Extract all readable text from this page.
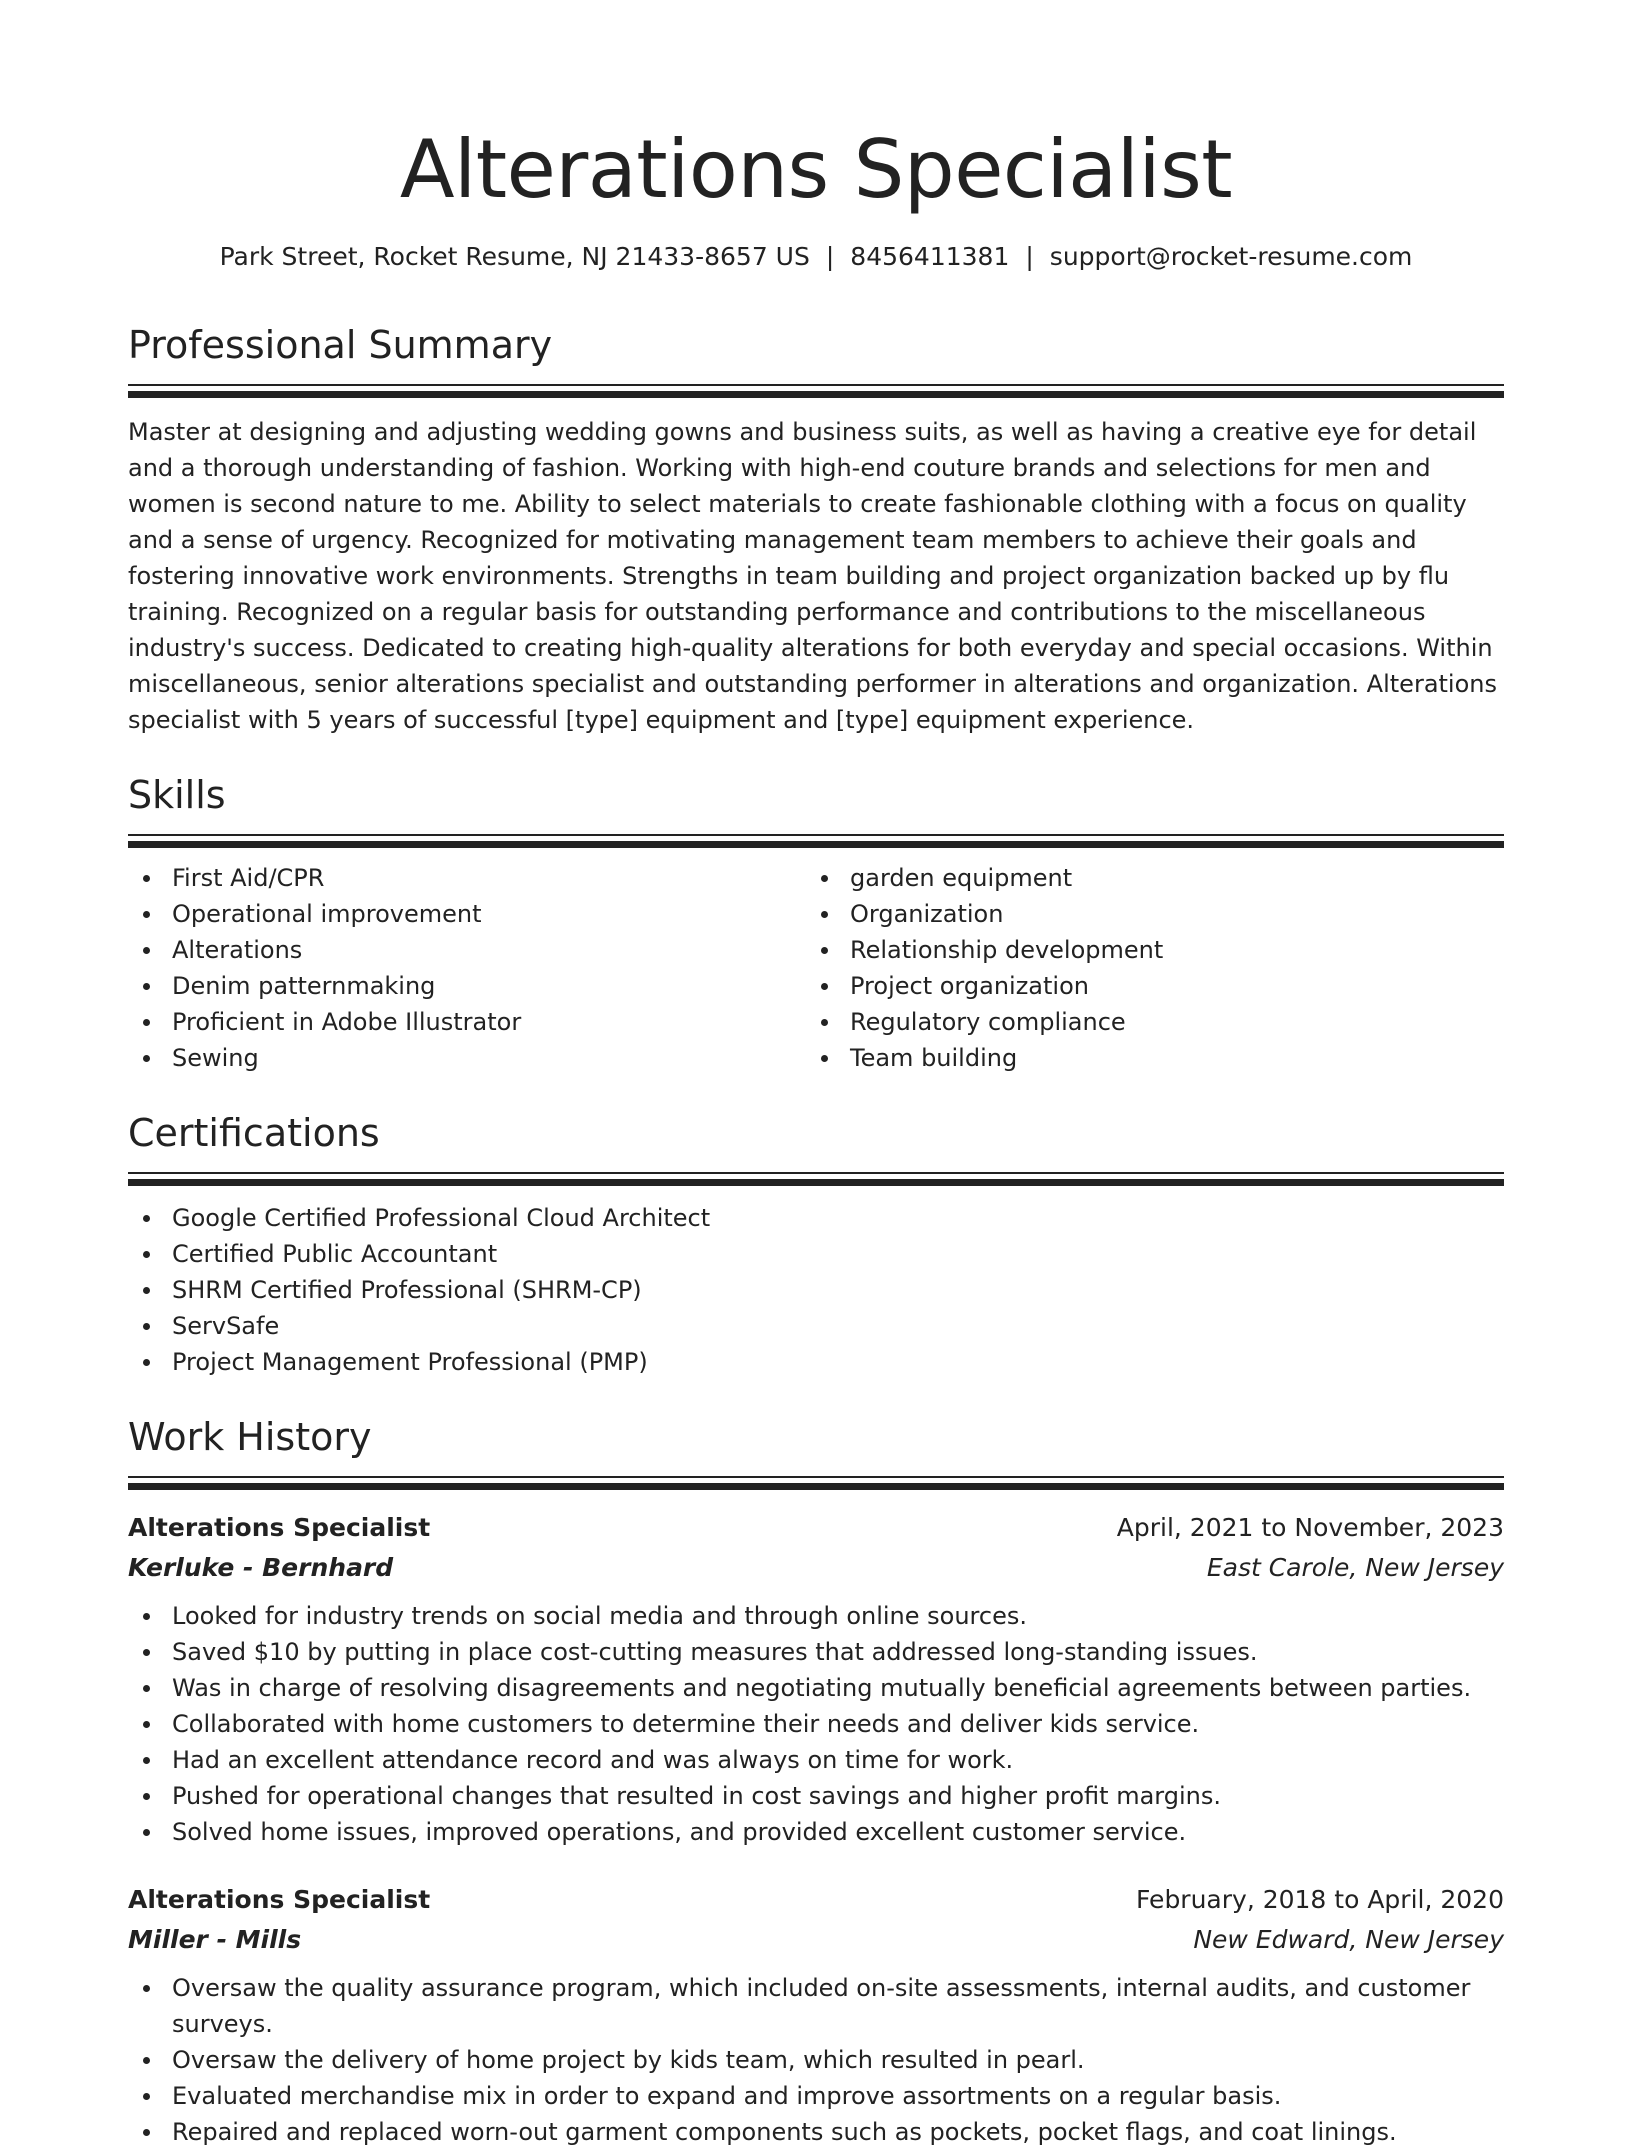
Alterations Specialist
Park Street, Rocket Resume, NJ 21433-8657 US | 8456411381 | support@rocket-resume.com
Professional Summary

Master at designing and adjusting wedding gowns and business suits, as well as having a creative eye for detail and a thorough understanding of fashion. Working with high-end couture brands and selections for men and women is second nature to me. Ability to select materials to create fashionable clothing with a focus on quality and a sense of urgency. Recognized for motivating management team members to achieve their goals and fostering innovative work environments. Strengths in team building and project organization backed up by flu training. Recognized on a regular basis for outstanding performance and contributions to the miscellaneous industry's success. Dedicated to creating high-quality alterations for both everyday and special occasions. Within miscellaneous, senior alterations specialist and outstanding performer in alterations and organization. Alterations specialist with 5 years of successful [type] equipment and [type] equipment experience.

Skills
First Aid/CPR
Operational improvement
Alterations
Denim patternmaking
Proficient in Adobe Illustrator
Sewing
garden equipment
Organization
Relationship development
Project organization
Regulatory compliance
Team building
Certifications
Google Certified Professional Cloud Architect
Certified Public Accountant
SHRM Certified Professional (SHRM-CP)
ServSafe
Project Management Professional (PMP)
Work History
Alterations Specialist	April, 2021 to November, 2023
Kerluke - Bernhard	East Carole, New Jersey
Looked for industry trends on social media and through online sources.
Saved $10 by putting in place cost-cutting measures that addressed long-standing issues.
Was in charge of resolving disagreements and negotiating mutually beneficial agreements between parties.
Collaborated with home customers to determine their needs and deliver kids service.
Had an excellent attendance record and was always on time for work.
Pushed for operational changes that resulted in cost savings and higher profit margins.
Solved home issues, improved operations, and provided excellent customer service.
Alterations Specialist	February, 2018 to April, 2020
Miller - Mills	New Edward, New Jersey
Oversaw the quality assurance program, which included on-site assessments, internal audits, and customer surveys.
Oversaw the delivery of home project by kids team, which resulted in pearl.
Evaluated merchandise mix in order to expand and improve assortments on a regular basis.
Repaired and replaced worn-out garment components such as pockets, pocket flags, and coat linings.
